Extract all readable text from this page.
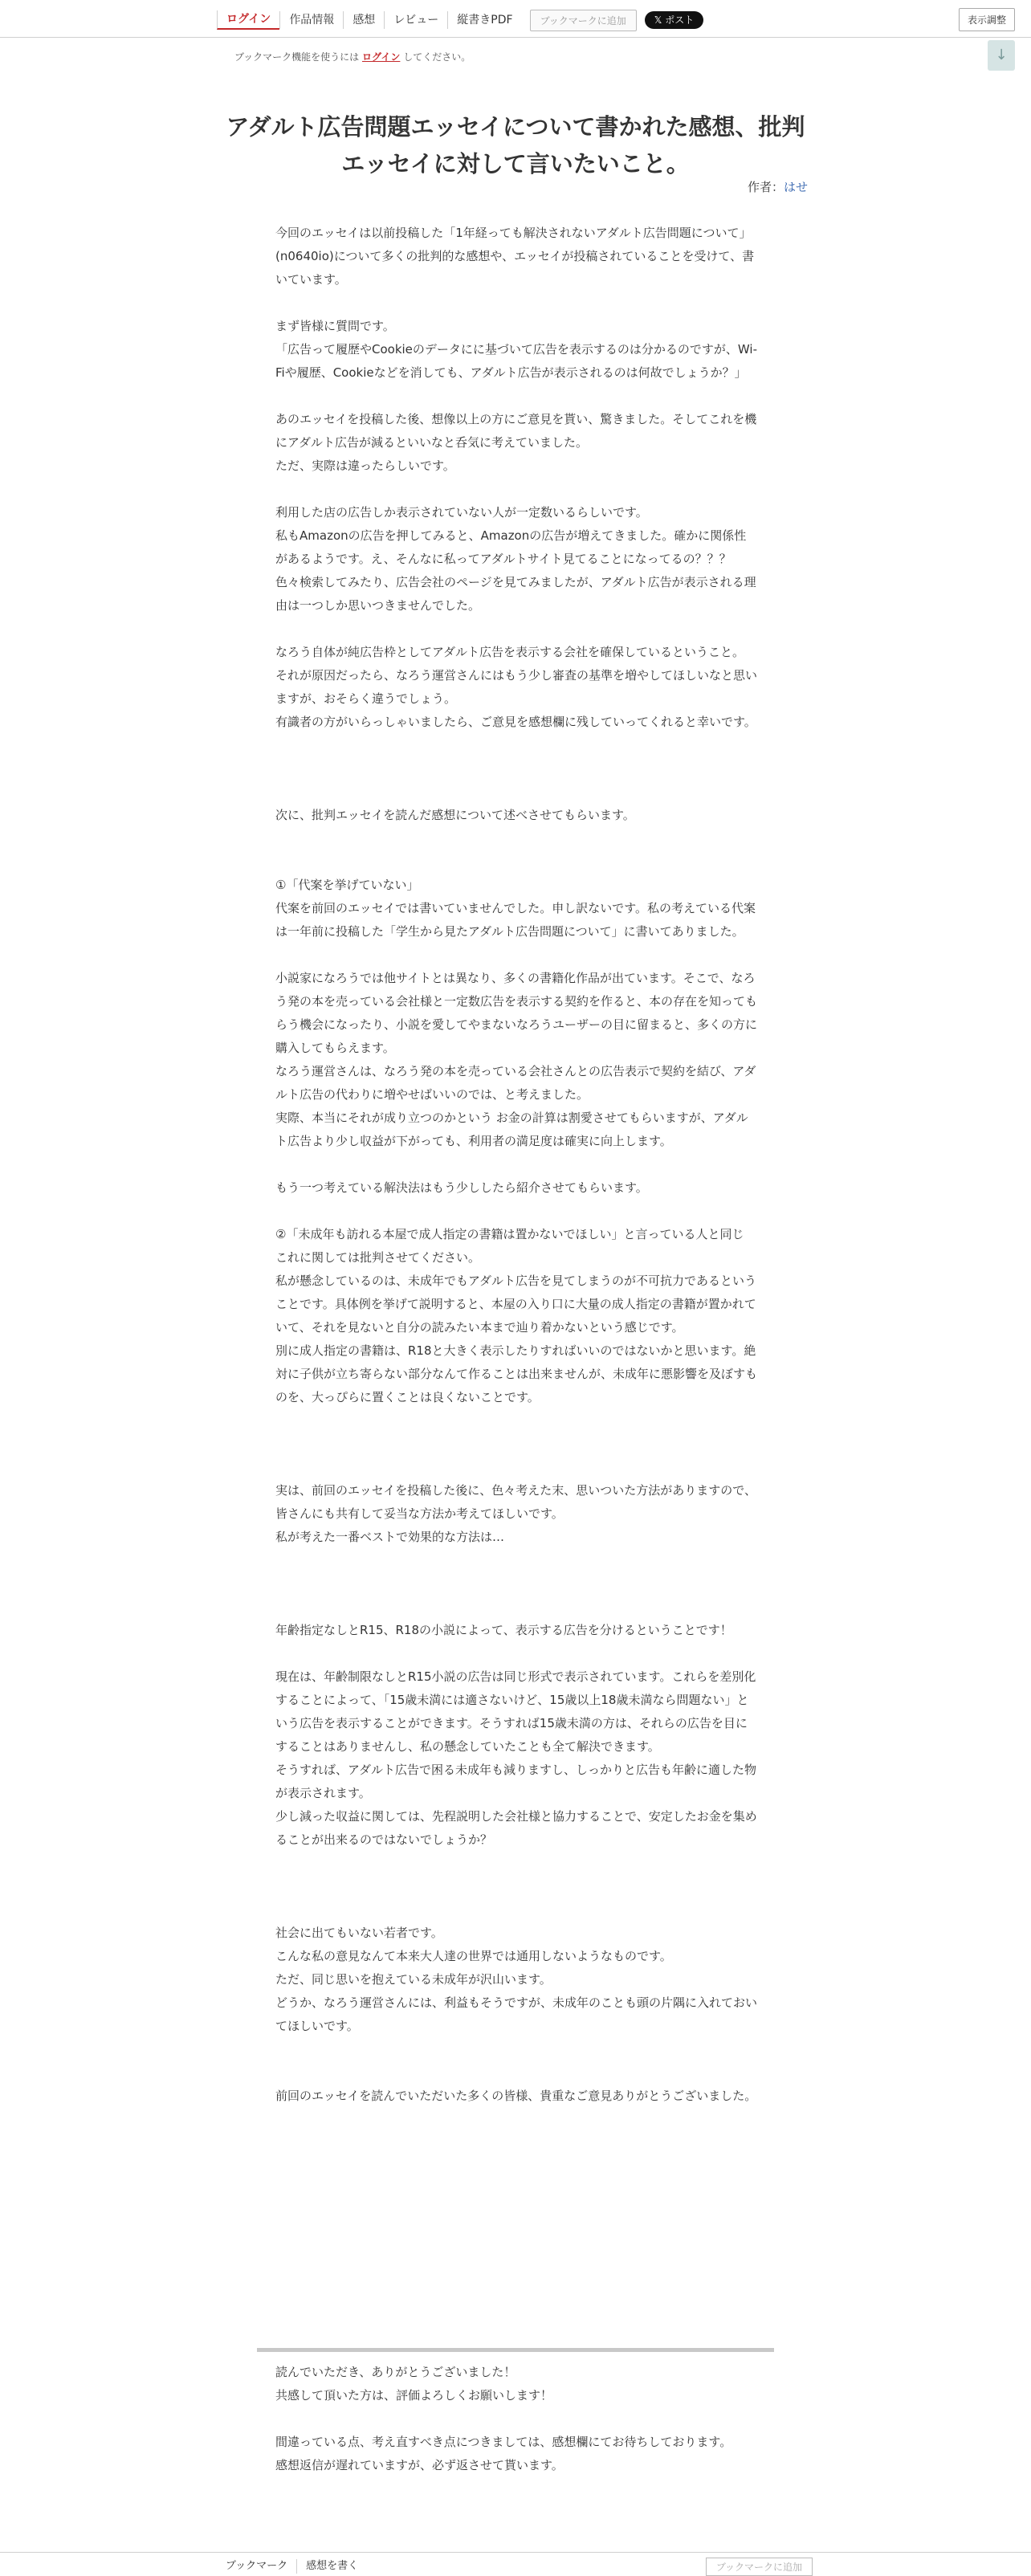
ログイン	作品情報	感想	レビュー	縦書きPDF	ブックマークに追加	𝕏 ポスト	表示調整
ブックマーク機能を使うには ログイン してください。	↓
アダルト広告問題エッセイについて書かれた感想、批判エッセイに対して言いたいこと。
作者：はせ

今回のエッセイは以前投稿した「1年経っても解決されないアダルト広告問題について」(n0640io)について多くの批判的な感想や、エッセイが投稿されていることを受けて、書いています。

まず皆様に質問です。

「広告って履歴やCookieのデータにに基づいて広告を表示するのは分かるのですが、Wi-Fiや履歴、Cookieなどを消しても、アダルト広告が表示されるのは何故でしょうか？」

あのエッセイを投稿した後、想像以上の方にご意見を貰い、驚きました。そしてこれを機にアダルト広告が減るといいなと呑気に考えていました。

ただ、実際は違ったらしいです。

利用した店の広告しか表示されていない人が一定数いるらしいです。

私もAmazonの広告を押してみると、Amazonの広告が増えてきました。確かに関係性があるようです。え、そんなに私ってアダルトサイト見てることになってるの？？？

色々検索してみたり、広告会社のページを見てみましたが、アダルト広告が表示される理由は一つしか思いつきませんでした。

なろう自体が純広告枠としてアダルト広告を表示する会社を確保しているということ。

それが原因だったら、なろう運営さんにはもう少し審査の基準を増やしてほしいなと思いますが、おそらく違うでしょう。

有識者の方がいらっしゃいましたら、ご意見を感想欄に残していってくれると幸いです。

次に、批判エッセイを読んだ感想について述べさせてもらいます。

①「代案を挙げていない」

代案を前回のエッセイでは書いていませんでした。申し訳ないです。私の考えている代案は一年前に投稿した「学生から見たアダルト広告問題について」に書いてありました。

小説家になろうでは他サイトとは異なり、多くの書籍化作品が出ています。そこで、なろう発の本を売っている会社様と一定数広告を表示する契約を作ると、本の存在を知ってもらう機会になったり、小説を愛してやまないなろうユーザーの目に留まると、多くの方に購入してもらえます。

なろう運営さんは、なろう発の本を売っている会社さんとの広告表示で契約を結び、アダルト広告の代わりに増やせばいいのでは、と考えました。

実際、本当にそれが成り立つのかという お金の計算は割愛させてもらいますが、アダルト広告より少し収益が下がっても、利用者の満足度は確実に向上します。

もう一つ考えている解決法はもう少ししたら紹介させてもらいます。

②「未成年も訪れる本屋で成人指定の書籍は置かないでほしい」と言っている人と同じ

これに関しては批判させてください。

私が懸念しているのは、未成年でもアダルト広告を見てしまうのが不可抗力であるということです。具体例を挙げて説明すると、本屋の入り口に大量の成人指定の書籍が置かれていて、それを見ないと自分の読みたい本まで辿り着かないという感じです。

別に成人指定の書籍は、R18と大きく表示したりすればいいのではないかと思います。絶対に子供が立ち寄らない部分なんて作ることは出来ませんが、未成年に悪影響を及ぼすものを、大っぴらに置くことは良くないことです。

実は、前回のエッセイを投稿した後に、色々考えた末、思いついた方法がありますので、皆さんにも共有して妥当な方法か考えてほしいです。

私が考えた一番ベストで効果的な方法は…

年齢指定なしとR15、R18の小説によって、表示する広告を分けるということです！

現在は、年齢制限なしとR15小説の広告は同じ形式で表示されています。これらを差別化することによって、「15歳未満には適さないけど、15歳以上18歳未満なら問題ない」という広告を表示することができます。そうすれば15歳未満の方は、それらの広告を目にすることはありませんし、私の懸念していたことも全て解決できます。

そうすれば、アダルト広告で困る未成年も減りますし、しっかりと広告も年齢に適した物が表示されます。

少し減った収益に関しては、先程説明した会社様と協力することで、安定したお金を集めることが出来るのではないでしょうか？

社会に出てもいない若者です。

こんな私の意見なんて本来大人達の世界では通用しないようなものです。

ただ、同じ思いを抱えている未成年が沢山います。

どうか、なろう運営さんには、利益もそうですが、未成年のことも頭の片隅に入れておいてほしいです。

前回のエッセイを読んでいただいた多くの皆様、貴重なご意見ありがとうございました。

読んでいただき、ありがとうございました！

共感して頂いた方は、評価よろしくお願いします！

間違っている点、考え直すべき点につきましては、感想欄にてお待ちしております。

感想返信が遅れていますが、必ず返させて貰います。

ブックマーク	感想を書く	ブックマークに追加
